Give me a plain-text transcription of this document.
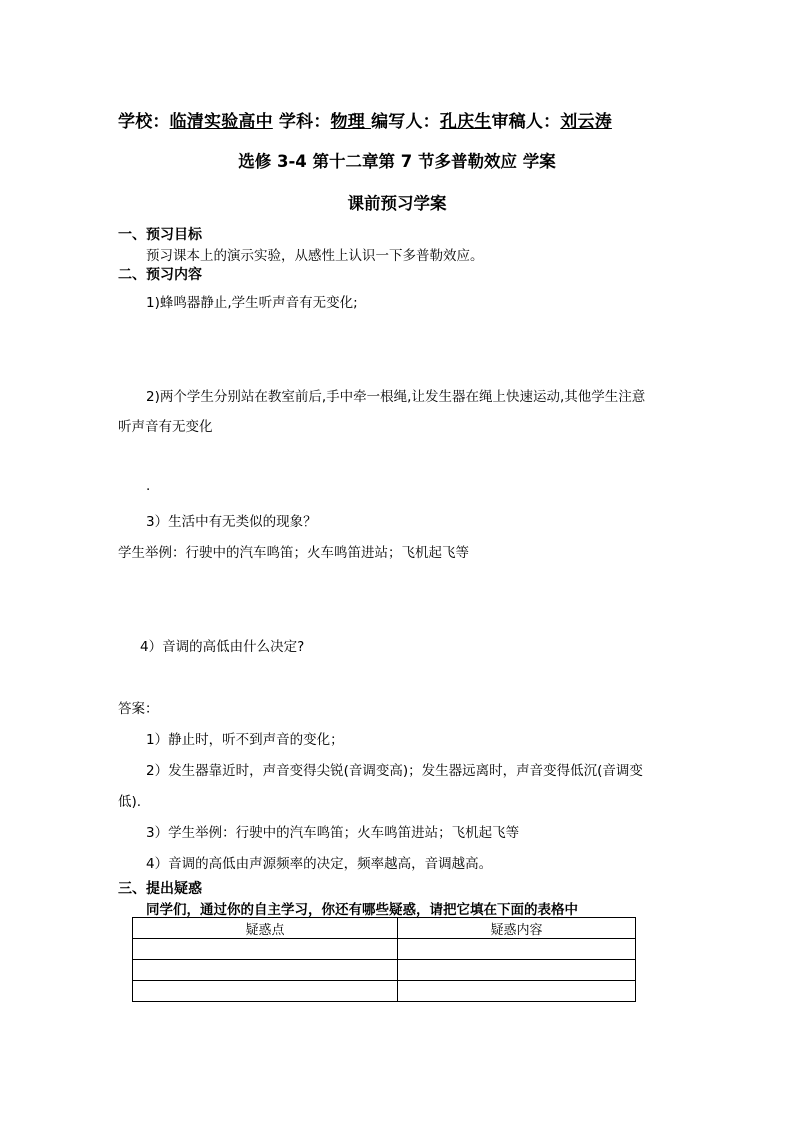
学校：临清实验高中 学科：物理 编写人：孔庆生审稿人：刘云涛
选修 3-4 第十二章第 7 节多普勒效应 学案
课前预习学案
一、预习目标
预习课本上的演示实验，从感性上认识一下多普勒效应。
二、预习内容
1)蜂鸣器静止,学生听声音有无变化;
2)两个学生分别站在教室前后,手中牵一根绳,让发生器在绳上快速运动,其他学生注意
听声音有无变化
.
3）生活中有无类似的现象？
学生举例：行驶中的汽车鸣笛；火车鸣笛进站；飞机起飞等
4）音调的高低由什么决定?
答案：
1）静止时，听不到声音的变化；
2）发生器靠近时，声音变得尖锐(音调变高)；发生器远离时，声音变得低沉(音调变
低).
3）学生举例：行驶中的汽车鸣笛；火车鸣笛进站；飞机起飞等
4）音调的高低由声源频率的决定，频率越高，音调越高。
三、提出疑惑
同学们，通过你的自主学习，你还有哪些疑惑，请把它填在下面的表格中
疑惑点	疑惑内容
